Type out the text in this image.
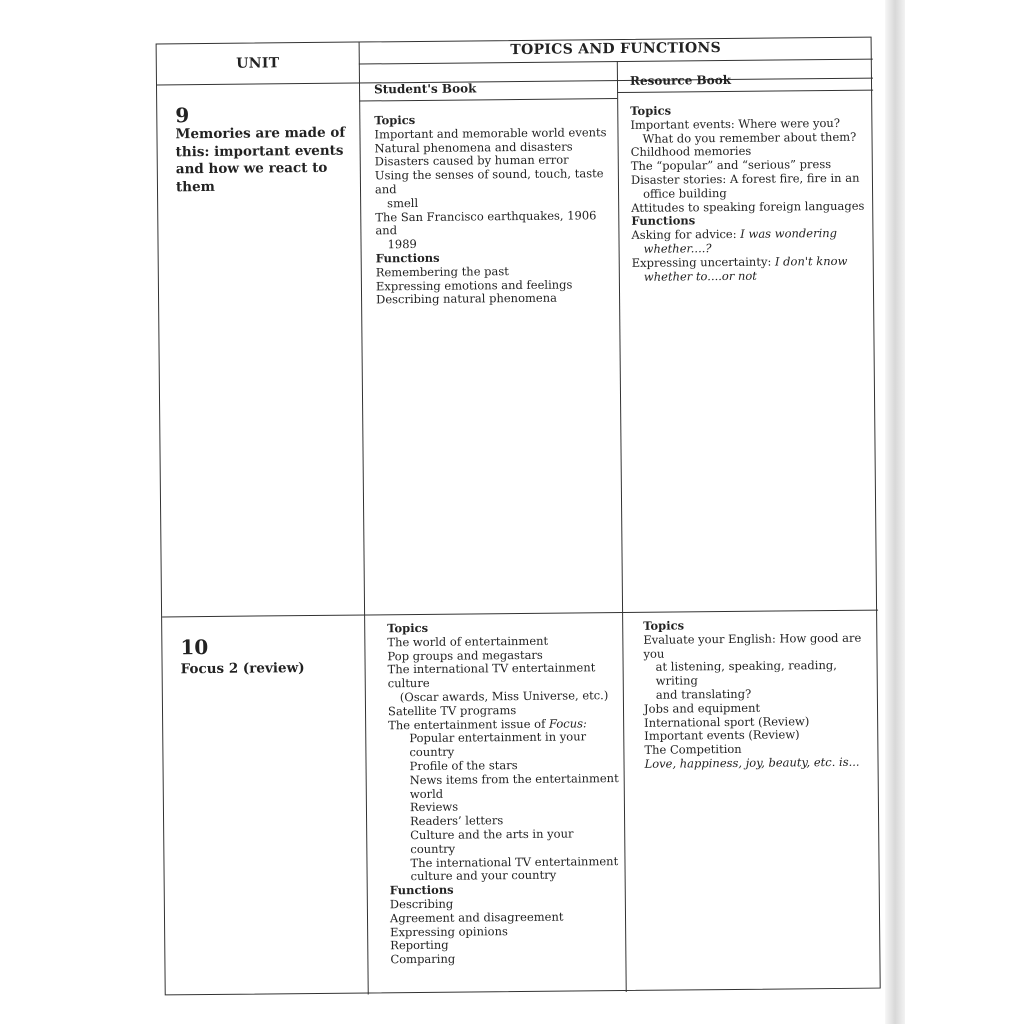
UNIT
TOPICS AND FUNCTIONS
Student's Book
Resource Book
9
Memories are made of this: important events and how we react to them
Topics
Important and memorable world events
Natural phenomena and disasters
Disasters caused by human error
Using the senses of sound, touch, taste and
smell
The San Francisco earthquakes, 1906 and
1989
Functions
Remembering the past
Expressing emotions and feelings
Describing natural phenomena
Topics
Important events: Where were you?
What do you remember about them?
Childhood memories
The “popular” and “serious” press
Disaster stories: A forest fire, fire in an
office building
Attitudes to speaking foreign languages
Functions
Asking for advice: I was wondering
whether....?
Expressing uncertainty: I don't know
whether to....or not
10
Focus 2 (review)
Topics
The world of entertainment
Pop groups and megastars
The international TV entertainment culture
(Oscar awards, Miss Universe, etc.)
Satellite TV programs
The entertainment issue of Focus:
Popular entertainment in your country
Profile of the stars
News items from the entertainment
world
Reviews
Readers’ letters
Culture and the arts in your country
The international TV entertainment
culture and your country
Functions
Describing
Agreement and disagreement
Expressing opinions
Reporting
Comparing
Topics
Evaluate your English: How good are you
at listening, speaking, reading, writing
and translating?
Jobs and equipment
International sport (Review)
Important events (Review)
The Competition
Love, happiness, joy, beauty, etc. is...
